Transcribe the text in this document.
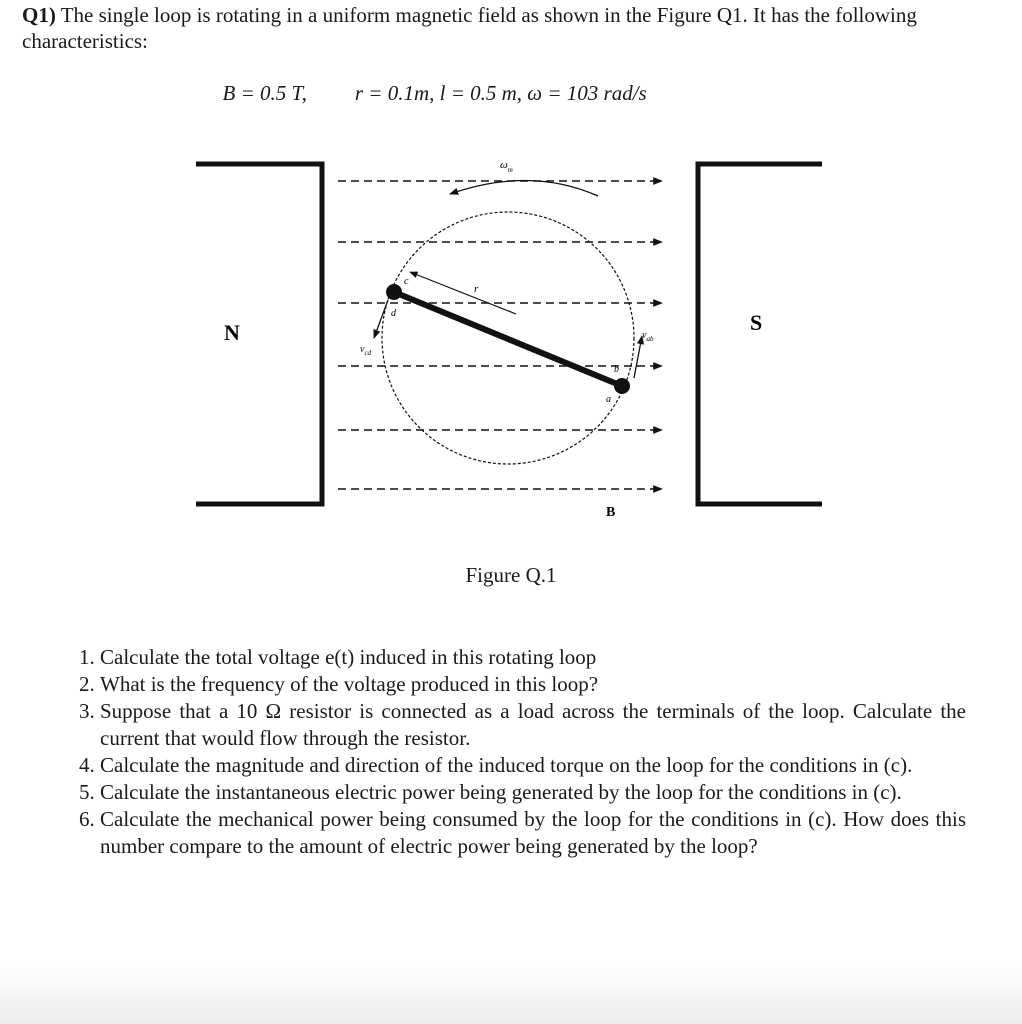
Q1) The single loop is rotating in a uniform magnetic field as shown in the Figure Q1. It has the following characteristics:

B = 0.5 T, r = 0.1m, l = 0.5 m, ω = 103 rad/s

$\omega_m$
r
$v_{cd}$
$v_{ab}$
c
d
b
a
N	S
B
Figure Q.1
1. Calculate the total voltage e(t) induced in this rotating loop
2. What is the frequency of the voltage produced in this loop?
3. Suppose that a 10 Ω resistor is connected as a load across the terminals of the loop. Calculate the current that would flow through the resistor.
4. Calculate the magnitude and direction of the induced torque on the loop for the conditions in (c).
5. Calculate the instantaneous electric power being generated by the loop for the conditions in (c).
6. Calculate the mechanical power being consumed by the loop for the conditions in (c). How does this number compare to the amount of electric power being generated by the loop?
